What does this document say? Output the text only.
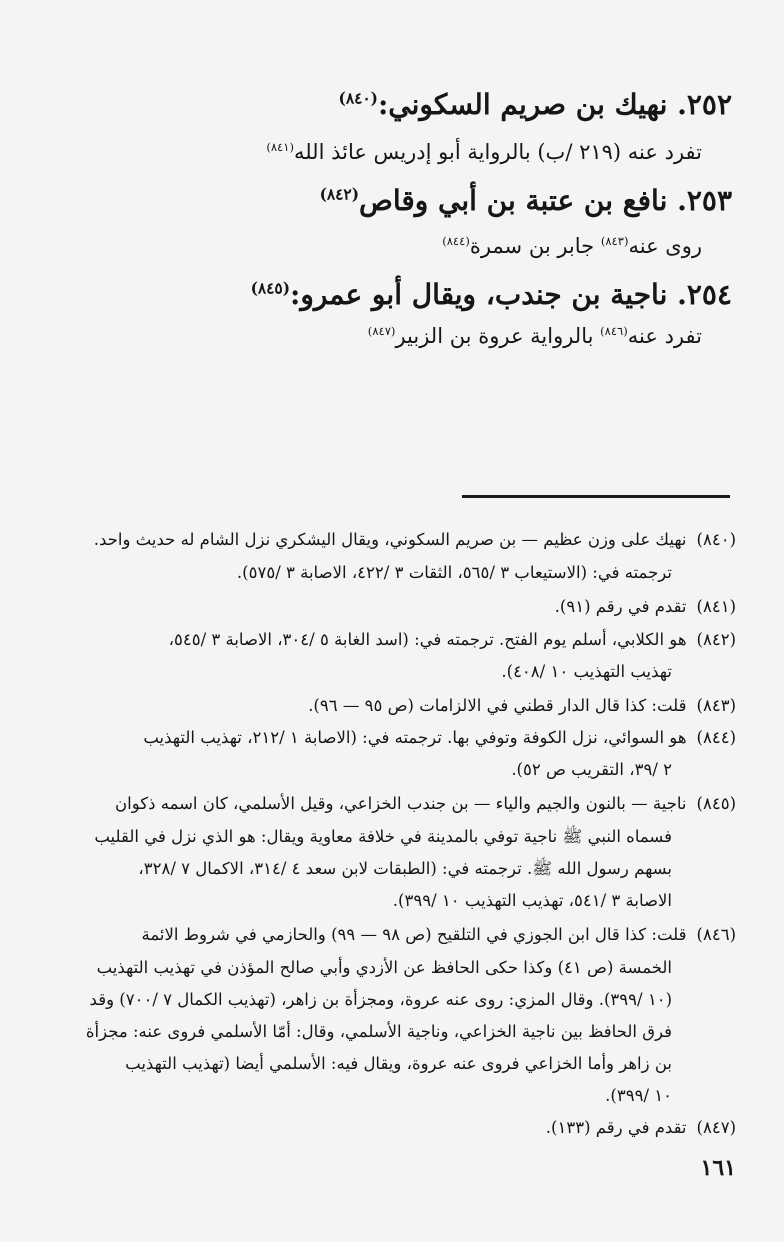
٢٥٢. نهيك بن صريم السكوني:$^{(٨٤٠)}$
تفرد عنه (٢١٩ /ب) بالرواية أبو إدريس عائذ الله$^{(٨٤١)}$
٢٥٣. نافع بن عتبة بن أبي وقاص$^{(٨٤٢)}$
روى عنه$^{(٨٤٣)}$ جابر بن سمرة$^{(٨٤٤)}$
٢٥٤. ناجية بن جندب، ويقال أبو عمرو:$^{(٨٤٥)}$
تفرد عنه$^{(٨٤٦)}$ بالرواية عروة بن الزبير$^{(٨٤٧)}$
(٨٤٠)نهيك على وزن عظيم — بن صريم السكوني، ويقال اليشكري نزل الشام له حديث واحد.
ترجمته في: (الاستيعاب ٣ /٥٦٥، الثقات ٣ /٤٢٢، الاصابة ٣ /٥٧٥).
(٨٤١)تقدم في رقم (٩١).
(٨٤٢)هو الكلابي، أسلم يوم الفتح. ترجمته في: (اسد الغابة ٥ /٣٠٤، الاصابة ٣ /٥٤٥،
تهذيب التهذيب ١٠ /٤٠٨).
(٨٤٣)قلت: كذا قال الدار قطني في الالزامات (ص ٩٥ — ٩٦).
(٨٤٤)هو السوائي، نزل الكوفة وتوفي بها. ترجمته في: (الاصابة ١ /٢١٢، تهذيب التهذيب
٢ /٣٩، التقريب ص ٥٢).
(٨٤٥)ناجية — بالنون والجيم والياء — بن جندب الخزاعي، وقيل الأسلمي، كان اسمه ذكوان
فسماه النبي ﷺ ناجية توفي بالمدينة في خلافة معاوية ويقال: هو الذي نزل في القليب
بسهم رسول الله ﷺ. ترجمته في: (الطبقات لابن سعد ٤ /٣١٤، الاكمال ٧ /٣٢٨،
الاصابة ٣ /٥٤١، تهذيب التهذيب ١٠ /٣٩٩).
(٨٤٦)قلت: كذا قال ابن الجوزي في التلقيح (ص ٩٨ — ٩٩) والحازمي في شروط الائمة
الخمسة (ص ٤١) وكذا حكى الحافظ عن الأزدي وأبي صالح المؤذن في تهذيب التهذيب
(١٠ /٣٩٩). وقال المزي: روى عنه عروة، ومجزأة بن زاهر، (تهذيب الكمال ٧ /٧٠٠) وقد
فرق الحافظ بين ناجية الخزاعي، وناجية الأسلمي، وقال: أمّا الأسلمي فروى عنه: مجزأة
بن زاهر وأما الخزاعي فروى عنه عروة، ويقال فيه: الأسلمي أيضا (تهذيب التهذيب
١٠ /٣٩٩).
(٨٤٧)تقدم في رقم (١٣٣).
١٦١
